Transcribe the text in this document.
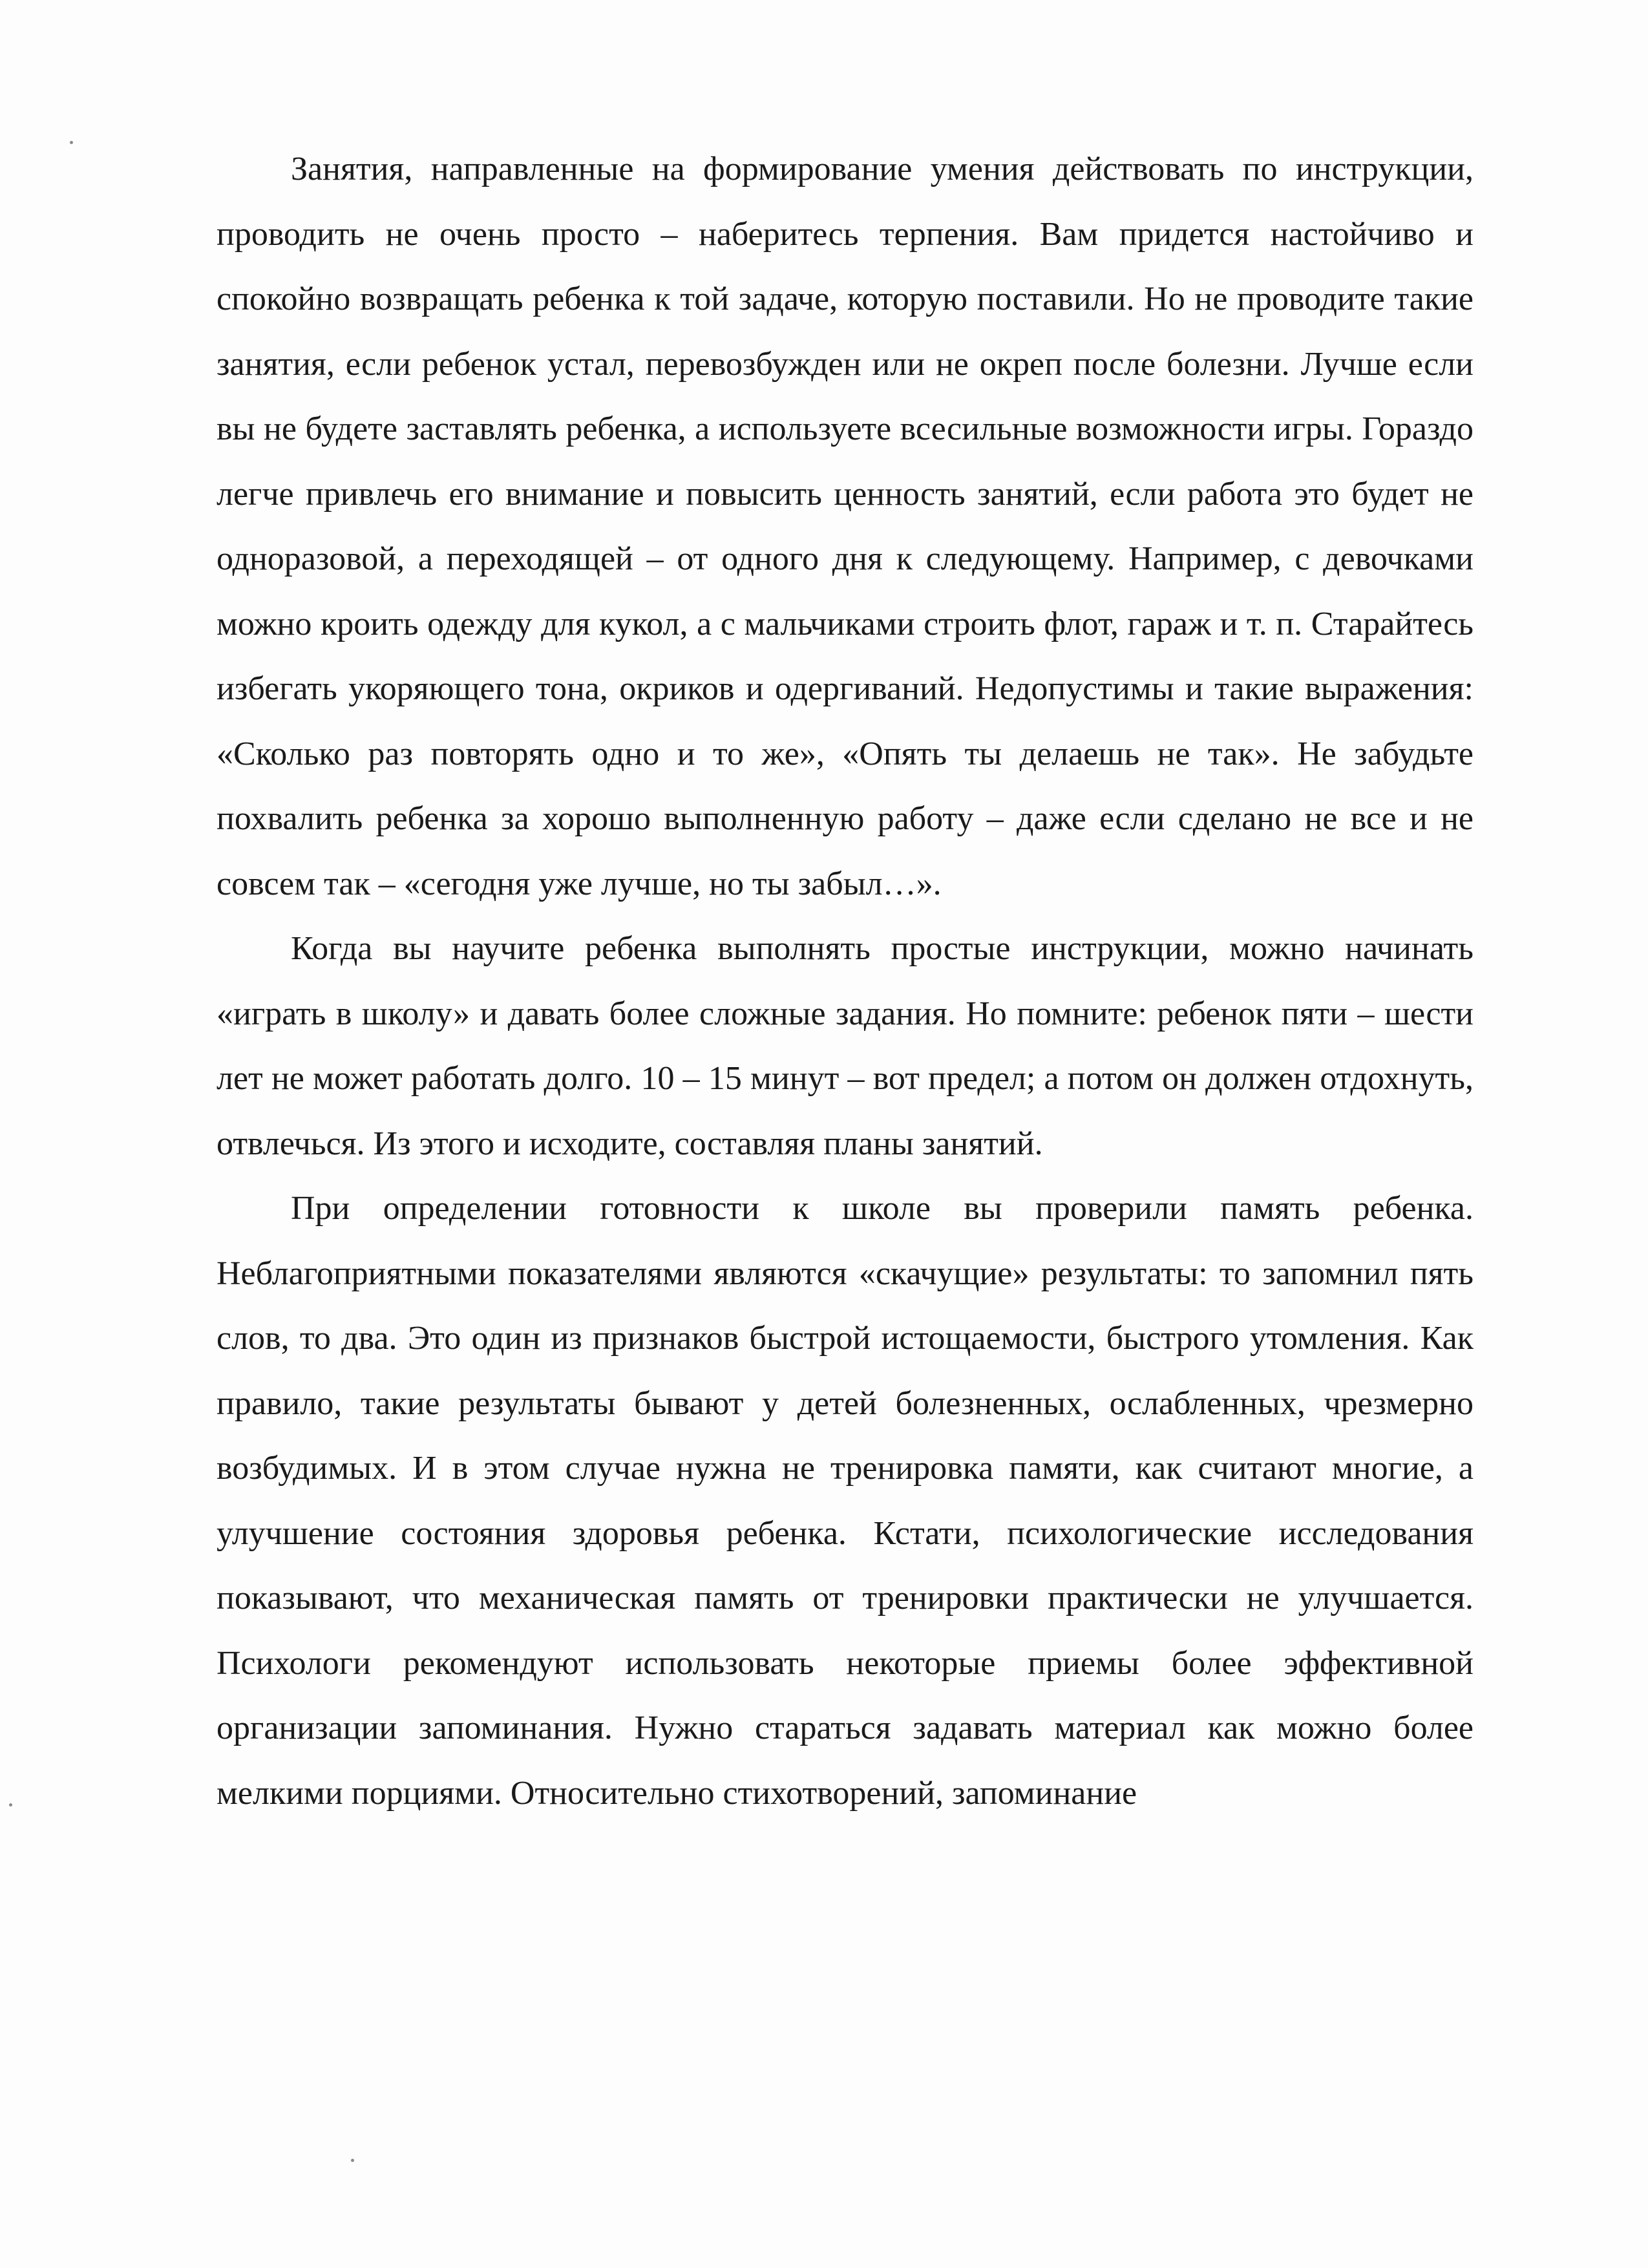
Занятия, направленные на формирование умения действовать по инструкции, проводить не очень просто – наберитесь терпения. Вам придется настойчиво и спокойно возвращать ребенка к той задаче, которую поставили. Но не проводите такие занятия, если ребенок устал, перевозбужден или не окреп после болезни. Лучше если вы не будете заставлять ребенка, а используете всесильные возможности игры. Гораздо легче привлечь его внимание и повысить ценность занятий, если работа это будет не одноразовой, а переходящей – от одного дня к следующему. Например, с девочками можно кроить одежду для кукол, а с мальчиками строить флот, гараж и т. п. Старайтесь избегать укоряющего тона, окриков и одергиваний. Недопустимы и такие выражения: «Сколько раз повторять одно и то же», «Опять ты делаешь не так». Не забудьте похвалить ребенка за хорошо выполненную работу – даже если сделано не все и не совсем так – «сегодня уже лучше, но ты забыл…».

Когда вы научите ребенка выполнять простые инструкции, можно начинать «играть в школу» и давать более сложные задания. Но помните: ребенок пяти – шести лет не может работать долго. 10 – 15 минут – вот предел; а потом он должен отдохнуть, отвлечься. Из этого и исходите, составляя планы занятий.

При определении готовности к школе вы проверили память ребенка. Неблагоприятными показателями являются «скачущие» результаты: то запомнил пять слов, то два. Это один из признаков быстрой истощаемости, быстрого утомления. Как правило, такие результаты бывают у детей болезненных, ослабленных, чрезмерно возбудимых. И в этом случае нужна не тренировка памяти, как считают многие, а улучшение состояния здоровья ребенка. Кстати, психологические исследования показывают, что механическая память от тренировки практически не улучшается. Психологи рекомендуют использовать некоторые приемы более эффективной организации запоминания. Нужно стараться задавать материал как можно более мелкими порциями. Относительно стихотворений, запоминание
